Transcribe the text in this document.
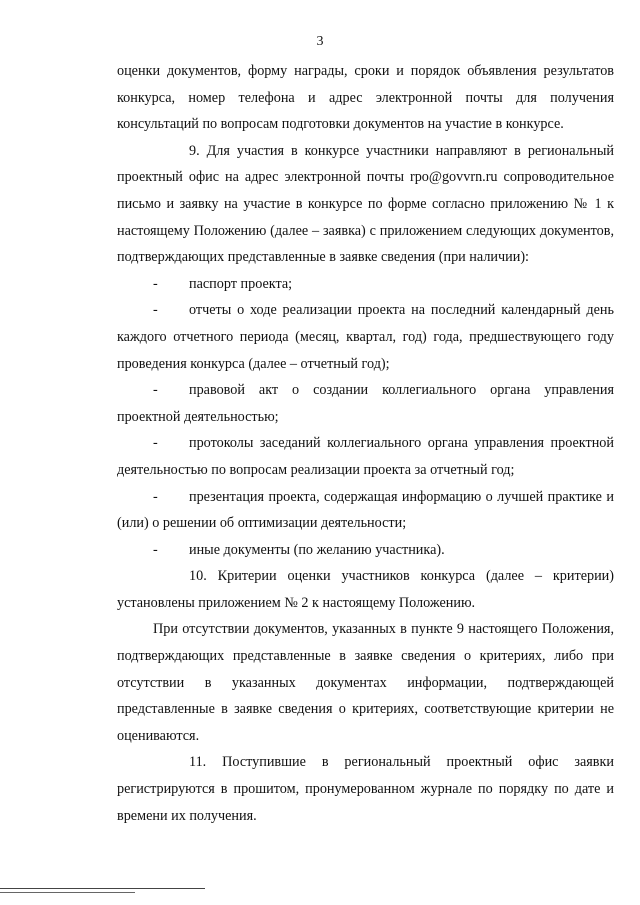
3

оценки документов, форму награды, сроки и порядок объявления результатов конкурса, номер телефона и адрес электронной почты для получения консультаций по вопросам подготовки документов на участие в конкурсе.

9. Для участия в конкурсе участники направляют в региональный проектный офис на адрес электронной почты rpo@govvrn.ru сопроводительное письмо и заявку на участие в конкурсе по форме согласно приложению № 1 к настоящему Положению (далее – заявка) с приложением следующих документов, подтверждающих представленные в заявке сведения (при наличии):

- паспорт проекта;

- отчеты о ходе реализации проекта на последний календарный день каждого отчетного периода (месяц, квартал, год) года, предшествующего году проведения конкурса (далее – отчетный год);

- правовой акт о создании коллегиального органа управления проектной деятельностью;

- протоколы заседаний коллегиального органа управления проектной деятельностью по вопросам реализации проекта за отчетный год;

- презентация проекта, содержащая информацию о лучшей практике и (или) о решении об оптимизации деятельности;

- иные документы (по желанию участника).

10. Критерии оценки участников конкурса (далее – критерии) установлены приложением № 2 к настоящему Положению.

При отсутствии документов, указанных в пункте 9 настоящего Положения, подтверждающих представленные в заявке сведения о критериях, либо при отсутствии в указанных документах информации, подтверждающей представленные в заявке сведения о критериях, соответствующие критерии не оцениваются.

11. Поступившие в региональный проектный офис заявки регистрируются в прошитом, пронумерованном журнале по порядку по дате и времени их получения.
